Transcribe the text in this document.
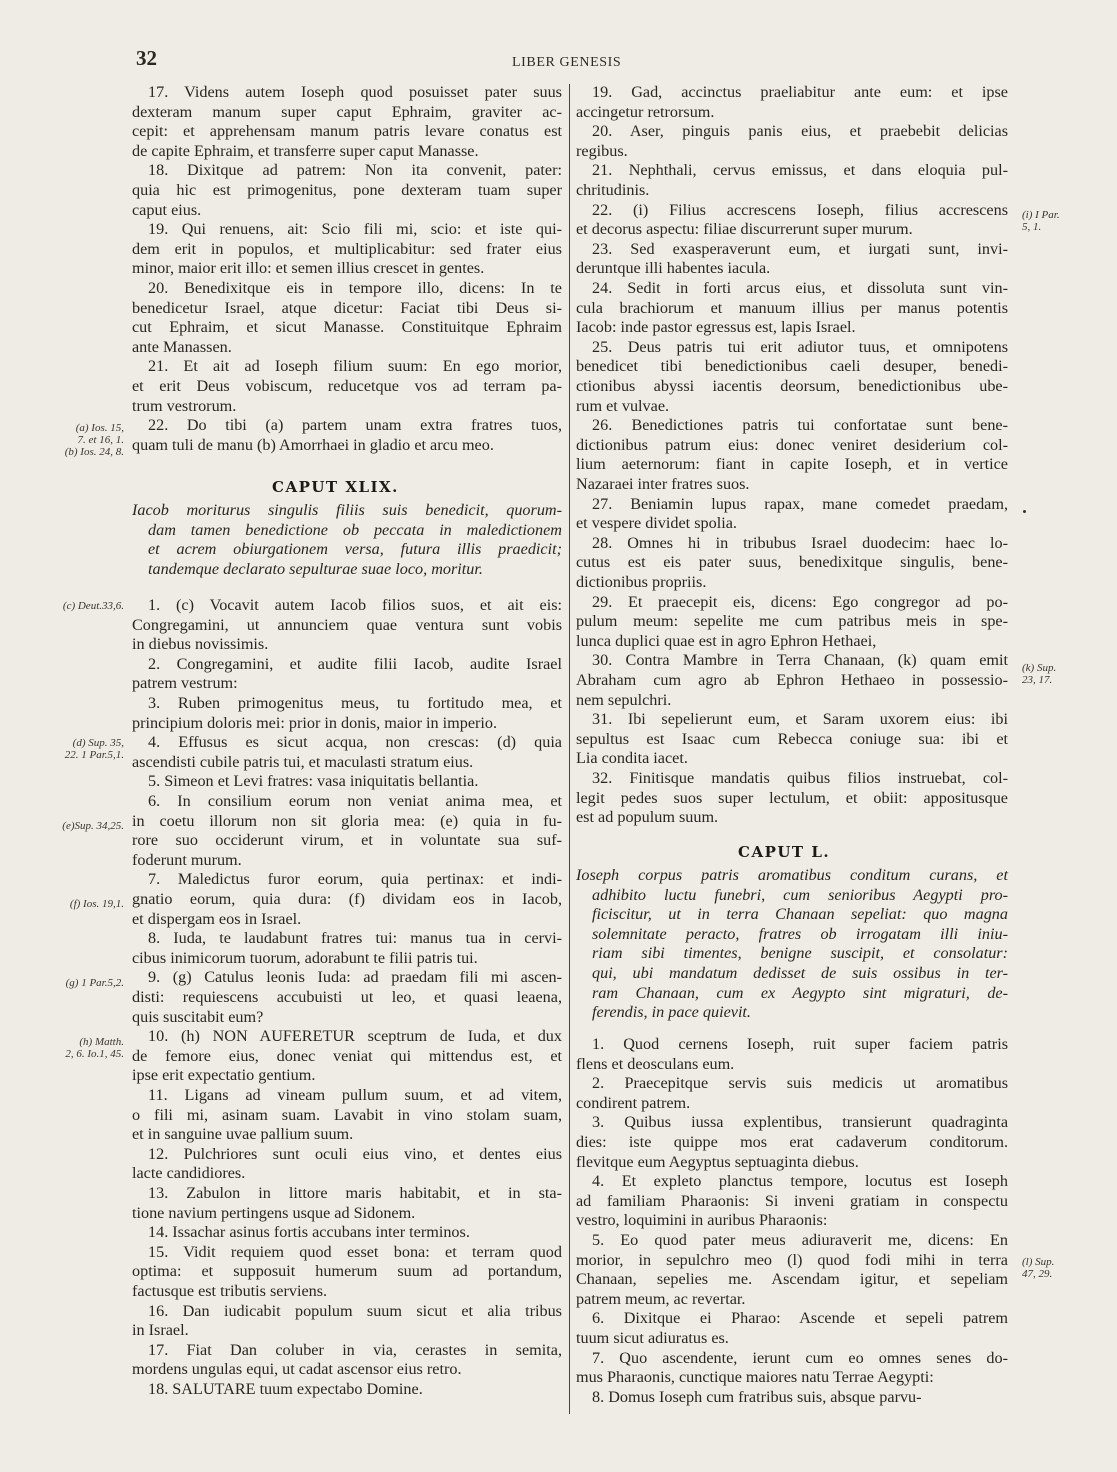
32	LIBER GENESIS
17. Videns autem Ioseph quod posuisset pater suus
dexteram manum super caput Ephraim, graviter ac-
cepit: et apprehensam manum patris levare conatus est
de capite Ephraim, et transferre super caput Manasse.
18. Dixitque ad patrem: Non ita convenit, pater:
quia hic est primogenitus, pone dexteram tuam super
caput eius.
19. Qui renuens, ait: Scio fili mi, scio: et iste qui-
dem erit in populos, et multiplicabitur: sed frater eius
minor, maior erit illo: et semen illius crescet in gentes.
20. Benedixitque eis in tempore illo, dicens: In te
benedicetur Israel, atque dicetur: Faciat tibi Deus si-
cut Ephraim, et sicut Manasse. Constituitque Ephraim
ante Manassen.
21. Et ait ad Ioseph filium suum: En ego morior,
et erit Deus vobiscum, reducetque vos ad terram pa-
trum vestrorum.
22. Do tibi (a) partem unam extra fratres tuos,
quam tuli de manu (b) Amorrhaei in gladio et arcu meo.
CAPUT XLIX.
Iacob moriturus singulis filiis suis benedicit, quorum-
dam tamen benedictione ob peccata in maledictionem
et acrem obiurgationem versa, futura illis praedicit;
tandemque declarato sepulturae suae loco, moritur.
1. (c) Vocavit autem Iacob filios suos, et ait eis:
Congregamini, ut annunciem quae ventura sunt vobis
in diebus novissimis.
2. Congregamini, et audite filii Iacob, audite Israel
patrem vestrum:
3. Ruben primogenitus meus, tu fortitudo mea, et
principium doloris mei: prior in donis, maior in imperio.
4. Effusus es sicut acqua, non crescas: (d) quia
ascendisti cubile patris tui, et maculasti stratum eius.
5. Simeon et Levi fratres: vasa iniquitatis bellantia.
6. In consilium eorum non veniat anima mea, et
in coetu illorum non sit gloria mea: (e) quia in fu-
rore suo occiderunt virum, et in voluntate sua suf-
foderunt murum.
7. Maledictus furor eorum, quia pertinax: et indi-
gnatio eorum, quia dura: (f) dividam eos in Iacob,
et dispergam eos in Israel.
8. Iuda, te laudabunt fratres tui: manus tua in cervi-
cibus inimicorum tuorum, adorabunt te filii patris tui.
9. (g) Catulus leonis Iuda: ad praedam fili mi ascen-
disti: requiescens accubuisti ut leo, et quasi leaena,
quis suscitabit eum?
10. (h) NON AUFERETUR sceptrum de Iuda, et dux
de femore eius, donec veniat qui mittendus est, et
ipse erit expectatio gentium.
11. Ligans ad vineam pullum suum, et ad vitem,
o fili mi, asinam suam. Lavabit in vino stolam suam,
et in sanguine uvae pallium suum.
12. Pulchriores sunt oculi eius vino, et dentes eius
lacte candidiores.
13. Zabulon in littore maris habitabit, et in sta-
tione navium pertingens usque ad Sidonem.
14. Issachar asinus fortis accubans inter terminos.
15. Vidit requiem quod esset bona: et terram quod
optima: et supposuit humerum suum ad portandum,
factusque est tributis serviens.
16. Dan iudicabit populum suum sicut et alia tribus
in Israel.
17. Fiat Dan coluber in via, cerastes in semita,
mordens ungulas equi, ut cadat ascensor eius retro.
18. SALUTARE tuum expectabo Domine.
19. Gad, accinctus praeliabitur ante eum: et ipse
accingetur retrorsum.
20. Aser, pinguis panis eius, et praebebit delicias
regibus.
21. Nephthali, cervus emissus, et dans eloquia pul-
chritudinis.
22. (i) Filius accrescens Ioseph, filius accrescens
et decorus aspectu: filiae discurrerunt super murum.
23. Sed exasperaverunt eum, et iurgati sunt, invi-
deruntque illi habentes iacula.
24. Sedit in forti arcus eius, et dissoluta sunt vin-
cula brachiorum et manuum illius per manus potentis
Iacob: inde pastor egressus est, lapis Israel.
25. Deus patris tui erit adiutor tuus, et omnipotens
benedicet tibi benedictionibus caeli desuper, benedi-
ctionibus abyssi iacentis deorsum, benedictionibus ube-
rum et vulvae.
26. Benedictiones patris tui confortatae sunt bene-
dictionibus patrum eius: donec veniret desiderium col-
lium aeternorum: fiant in capite Ioseph, et in vertice
Nazaraei inter fratres suos.
27. Beniamin lupus rapax, mane comedet praedam,
et vespere dividet spolia.
28. Omnes hi in tribubus Israel duodecim: haec lo-
cutus est eis pater suus, benedixitque singulis, bene-
dictionibus propriis.
29. Et praecepit eis, dicens: Ego congregor ad po-
pulum meum: sepelite me cum patribus meis in spe-
lunca duplici quae est in agro Ephron Hethaei,
30. Contra Mambre in Terra Chanaan, (k) quam emit
Abraham cum agro ab Ephron Hethaeo in possessio-
nem sepulchri.
31. Ibi sepelierunt eum, et Saram uxorem eius: ibi
sepultus est Isaac cum Rebecca coniuge sua: ibi et
Lia condita iacet.
32. Finitisque mandatis quibus filios instruebat, col-
legit pedes suos super lectulum, et obiit: appositusque
est ad populum suum.
CAPUT L.
Ioseph corpus patris aromatibus conditum curans, et
adhibito luctu funebri, cum senioribus Aegypti pro-
ficiscitur, ut in terra Chanaan sepeliat: quo magna
solemnitate peracto, fratres ob irrogatam illi iniu-
riam sibi timentes, benigne suscipit, et consolatur:
qui, ubi mandatum dedisset de suis ossibus in ter-
ram Chanaan, cum ex Aegypto sint migraturi, de-
ferendis, in pace quievit.
1. Quod cernens Ioseph, ruit super faciem patris
flens et deosculans eum.
2. Praecepitque servis suis medicis ut aromatibus
condirent patrem.
3. Quibus iussa explentibus, transierunt quadraginta
dies: iste quippe mos erat cadaverum conditorum.
flevitque eum Aegyptus septuaginta diebus.
4. Et expleto planctus tempore, locutus est Ioseph
ad familiam Pharaonis: Si inveni gratiam in conspectu
vestro, loquimini in auribus Pharaonis:
5. Eo quod pater meus adiuraverit me, dicens: En
morior, in sepulchro meo (l) quod fodi mihi in terra
Chanaan, sepelies me. Ascendam igitur, et sepeliam
patrem meum, ac revertar.
6. Dixitque ei Pharao: Ascende et sepeli patrem
tuum sicut adiuratus es.
7. Quo ascendente, ierunt cum eo omnes senes do-
mus Pharaonis, cunctique maiores natu Terrae Aegypti:
8. Domus Ioseph cum fratribus suis, absque parvu-
(a) Ios. 15,
7. et 16, 1.
(b) Ios. 24, 8.
(c) Deut.33,6.
(d) Sup. 35,
22. 1 Par.5,1.
(e)Sup. 34,25.
(f) Ios. 19,1.
(g) 1 Par.5,2.
(h) Matth.
2, 6. Io.1, 45.
(i) I Par.
5, 1.
(k) Sup.
23, 17.
(l) Sup.
47, 29.
